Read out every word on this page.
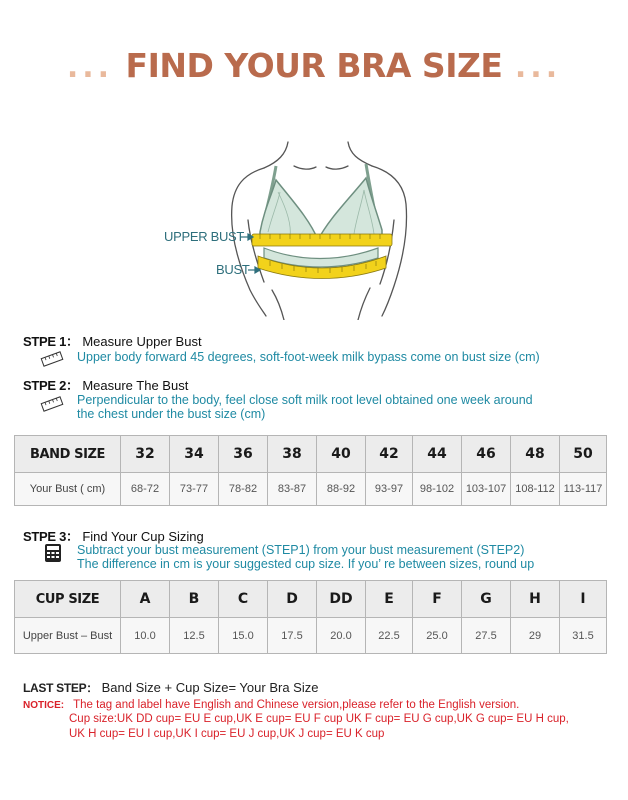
... FIND YOUR BRA SIZE ...
UPPER BUST
BUST
STPE 1： Measure Upper Bust
Upper body forward 45 degrees, soft-foot-week milk bypass come on bust size (cm)
STPE 2： Measure The Bust
Perpendicular to the body, feel close soft milk root level obtained one week around
the chest under the bust size (cm)
BAND SIZE	32	34	36	38	40	42	44	46	48	50
Your Bust ( cm)	68-72	73-77	78-82	83-87	88-92	93-97	98-102	103-107	108-112	113-117
STPE 3： Find Your Cup Sizing
Subtract your bust measurement (STEP1) from your bust measurement (STEP2)
The difference in cm is your suggested cup size. If you’ re between sizes, round up
CUP SIZE	A	B	C	D	DD	E	F	G	H	I
Upper Bust – Bust	10.0	12.5	15.0	17.5	20.0	22.5	25.0	27.5	29	31.5
LAST STEP： Band Size + Cup Size= Your Bra Size
NOTICE: The tag and label have English and Chinese version,please refer to the English version.
Cup size:UK DD cup= EU E cup,UK E cup= EU F cup UK F cup= EU G cup,UK G cup= EU H cup,
UK H cup= EU I cup,UK I cup= EU J cup,UK J cup= EU K cup
